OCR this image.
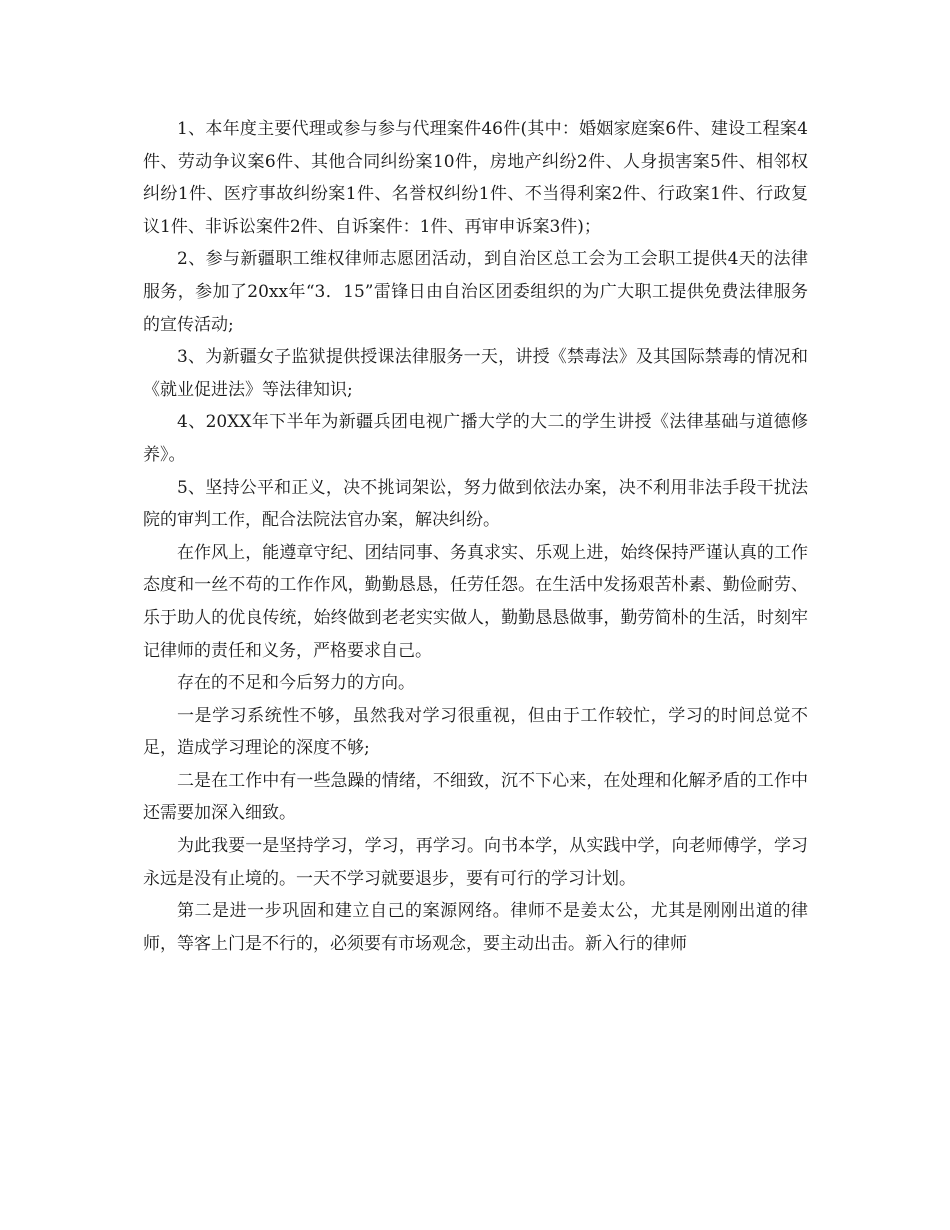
1、本年度主要代理或参与参与代理案件46件(其中：婚姻家庭案6件、建设工程案4件、劳动争议案6件、其他合同纠纷案10件，房地产纠纷2件、人身损害案5件、相邻权纠纷1件、医疗事故纠纷案1件、名誉权纠纷1件、不当得利案2件、行政案1件、行政复议1件、非诉讼案件2件、自诉案件：1件、再审申诉案3件)；

2、参与新疆职工维权律师志愿团活动，到自治区总工会为工会职工提供4天的法律服务，参加了20xx年“3．15”雷锋日由自治区团委组织的为广大职工提供免费法律服务的宣传活动;

3、为新疆女子监狱提供授课法律服务一天，讲授《禁毒法》及其国际禁毒的情况和《就业促进法》等法律知识;

4、20XX年下半年为新疆兵团电视广播大学的大二的学生讲授《法律基础与道德修养》。

5、坚持公平和正义，决不挑词架讼，努力做到依法办案，决不利用非法手段干扰法院的审判工作，配合法院法官办案，解决纠纷。

在作风上，能遵章守纪、团结同事、务真求实、乐观上进，始终保持严谨认真的工作态度和一丝不苟的工作作风，勤勤恳恳，任劳任怨。在生活中发扬艰苦朴素、勤俭耐劳、乐于助人的优良传统，始终做到老老实实做人，勤勤恳恳做事，勤劳简朴的生活，时刻牢记律师的责任和义务，严格要求自己。

存在的不足和今后努力的方向。

一是学习系统性不够，虽然我对学习很重视，但由于工作较忙，学习的时间总觉不足，造成学习理论的深度不够;

二是在工作中有一些急躁的情绪，不细致，沉不下心来，在处理和化解矛盾的工作中还需要加深入细致。

为此我要一是坚持学习，学习，再学习。向书本学，从实践中学，向老师傅学，学习永远是没有止境的。一天不学习就要退步，要有可行的学习计划。

第二是进一步巩固和建立自己的案源网络。律师不是姜太公，尤其是刚刚出道的律师，等客上门是不行的，必须要有市场观念，要主动出击。新入行的律师
